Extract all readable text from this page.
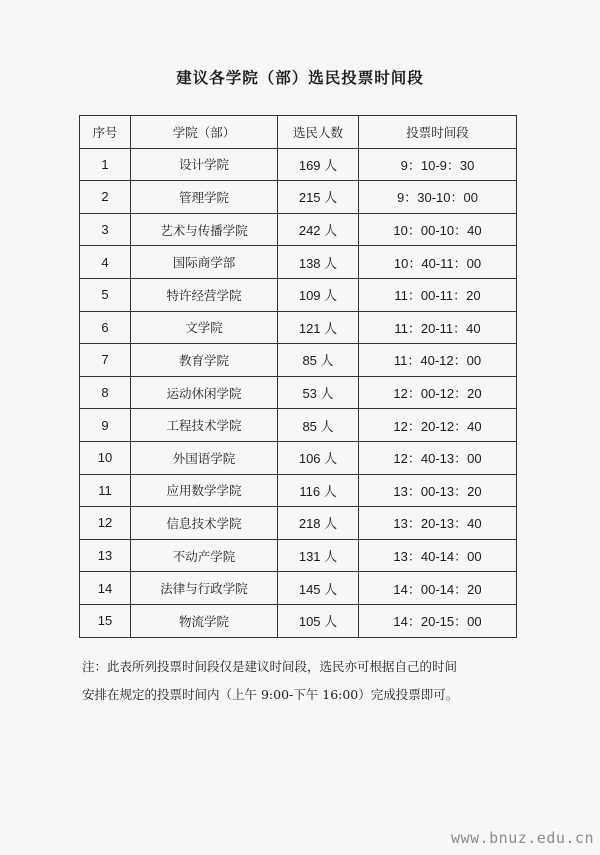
建议各学院（部）选民投票时间段
序号	学院（部）	选民人数	投票时间段
1	设计学院	169 人	9：10-9：30
2	管理学院	215 人	9：30-10：00
3	艺术与传播学院	242 人	10：00-10：40
4	国际商学部	138 人	10：40-11：00
5	特许经营学院	109 人	11：00-11：20
6	文学院	121 人	11：20-11：40
7	教育学院	85 人	11：40-12：00
8	运动休闲学院	53 人	12：00-12：20
9	工程技术学院	85 人	12：20-12：40
10	外国语学院	106 人	12：40-13：00
11	应用数学学院	116 人	13：00-13：20
12	信息技术学院	218 人	13：20-13：40
13	不动产学院	131 人	13：40-14：00
14	法律与行政学院	145 人	14：00-14：20
15	物流学院	105 人	14：20-15：00
注：此表所列投票时间段仅是建议时间段，选民亦可根据自己的时间
安排在规定的投票时间内（上午 9:00-下午 16:00）完成投票即可。
www.bnuz.edu.cn
